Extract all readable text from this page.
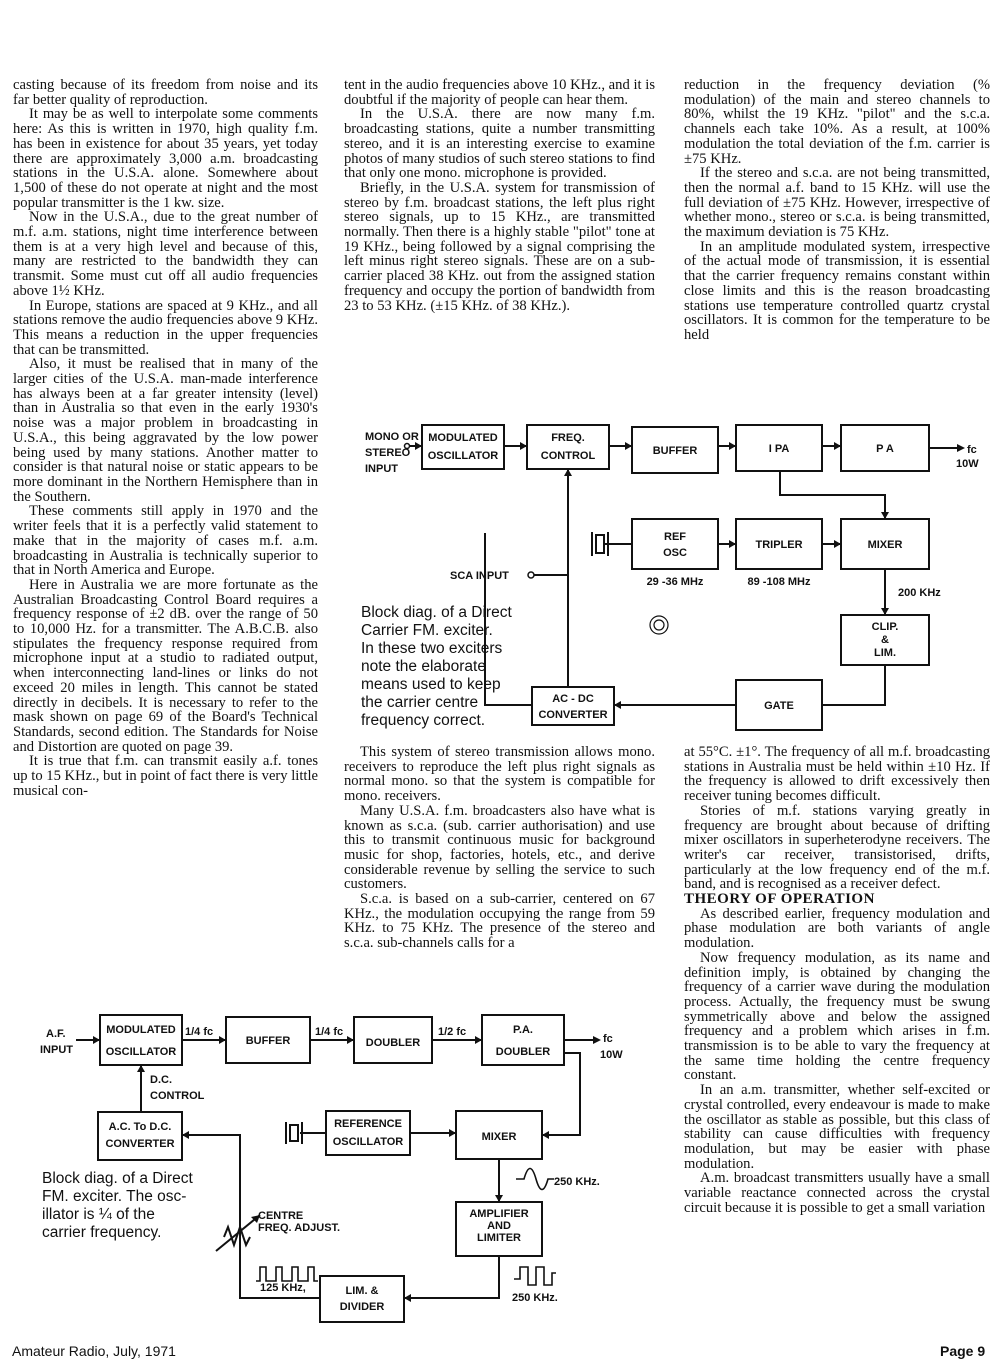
casting because of its freedom from noise and its far better quality of reproduction.

It may be as well to interpolate some comments here: As this is written in 1970, high quality f.m. has been in existence for about 35 years, yet today there are approximately 3,000 a.m. broadcasting stations in the U.S.A. alone. Somewhere about 1,500 of these do not operate at night and the most popular transmitter is the 1 kw. size.

Now in the U.S.A., due to the great number of m.f. a.m. stations, night time interference between them is at a very high level and because of this, many are restricted to the bandwidth they can transmit. Some must cut off all audio frequencies above 1½ KHz.

In Europe, stations are spaced at 9 KHz., and all stations remove the audio frequencies above 9 KHz. This means a reduction in the upper frequencies that can be transmitted.

Also, it must be realised that in many of the larger cities of the U.S.A. man-made interference has always been at a far greater intensity (level) than in Australia so that even in the early 1930's noise was a major problem in broadcasting in U.S.A., this being aggravated by the low power being used by many stations. Another matter to consider is that natural noise or static appears to be more dominant in the Northern Hemisphere than in the Southern.

These comments still apply in 1970 and the writer feels that it is a perfectly valid statement to make that in the majority of cases m.f. a.m. broadcasting in Australia is technically superior to that in North America and Europe.

Here in Australia we are more fortunate as the Australian Broadcasting Control Board requires a frequency response of ±2 dB. over the range of 50 to 10,000 Hz. for a transmitter. The A.B.C.B. also stipulates the frequency response required from microphone input at a studio to radiated output, when interconnecting land-lines or links do not exceed 20 miles in length. This cannot be stated directly in decibels. It is necessary to refer to the mask shown on page 69 of the Board's Technical Standards, second edition. The Standards for Noise and Distortion are quoted on page 39.

It is true that f.m. can transmit easily a.f. tones up to 15 KHz., but in point of fact there is very little musical con-

tent in the audio frequencies above 10 KHz., and it is doubtful if the majority of people can hear them.

In the U.S.A. there are now many f.m. broadcasting stations, quite a number transmitting stereo, and it is an interesting exercise to examine photos of many studios of such stereo stations to find that only one mono. microphone is provided.

Briefly, in the U.S.A. system for transmission of stereo by f.m. broadcast stations, the left plus right stereo signals, up to 15 KHz., are transmitted normally. Then there is a highly stable "pilot" tone at 19 KHz., being followed by a signal comprising the left minus right stereo signals. These are on a sub-carrier placed 38 KHz. out from the assigned station frequency and occupy the portion of bandwidth from 23 to 53 KHz. (±15 KHz. of 38 KHz.).

reduction in the frequency deviation (% modulation) of the main and stereo channels to 80%, whilst the 19 KHz. "pilot" and the s.c.a. channels each take 10%. As a result, at 100% modulation the total deviation of the f.m. carrier is ±75 KHz.

If the stereo and s.c.a. are not being transmitted, then the normal a.f. band to 15 KHz. will use the full deviation of ±75 KHz. However, irrespective of whether mono., stereo or s.c.a. is being transmitted, the maximum deviation is 75 KHz.

In an amplitude modulated system, irrespective of the actual mode of transmission, it is essential that the carrier frequency remains constant within close limits and this is the reason broadcasting stations use temperature controlled quartz crystal oscillators. It is common for the temperature to be held

MODULATED
OSCILLATOR
FREQ.
CONTROL	BUFFER	I PA	P A
REF
OSC
TRIPLER	MIXER
CLIP.
&
LIM.
GATE
AC - DC
CONVERTER
29 -36 MHz	89 -108 MHz
MONO OR
STEREO
INPUT
SCA INPUT
200 KHz
fc
10W
Block diag. of a Direct
Carrier FM. exciter.
In these two exciters
note the elaborate
means used to keep
the carrier centre
frequency correct.

This system of stereo transmission allows mono. receivers to reproduce the left plus right signals as normal mono. so that the system is compatible for mono. receivers.

Many U.S.A. f.m. broadcasters also have what is known as s.c.a. (sub. carrier authorisation) and use this to transmit continuous music for background music for shop, factories, hotels, etc., and derive considerable revenue by selling the service to such customers.

S.c.a. is based on a sub-carrier, centered on 67 KHz., the modulation occupying the range from 59 KHz. to 75 KHz. The presence of the stereo and s.c.a. sub-channels calls for a

at 55°C. ±1°. The frequency of all m.f. broadcasting stations in Australia must be held within ±10 Hz. If the frequency is allowed to drift excessively then receiver tuning becomes difficult.

Stories of m.f. stations varying greatly in frequency are brought about because of drifting mixer oscillators in superheterodyne receivers. The writer's car receiver, transistorised, drifts, particularly at the low frequency end of the m.f. band, and is recognised as a receiver defect.

THEORY OF OPERATION

As described earlier, frequency modulation and phase modulation are both variants of angle modulation.

Now frequency modulation, as its name and definition imply, is obtained by changing the frequency of a carrier wave during the modulation process. Actually, the frequency must be swung symmetrically above and below the assigned frequency and a problem which arises in f.m. transmission is to be able to vary the frequency at the same time holding the centre frequency constant.

In an a.m. transmitter, whether self-excited or crystal controlled, every endeavour is made to make the oscillator as stable as possible, but this class of stability can cause difficulties with frequency modulation, but may be easier with phase modulation.

A.m. broadcast transmitters usually have a small variable reactance connected across the crystal circuit because it is possible to get a small variation

MODULATED
OSCILLATOR
BUFFER	DOUBLER
P.A.
DOUBLER
A.C. To D.C.
CONVERTER
REFERENCE
OSCILLATOR	MIXER
AMPLIFIER
AND
LIMITER
LIM. &
DIVIDER
A.F.
INPUT
1/4 fc	1/4 fc	1/2 fc
fc
10W
D.C.
CONTROL
250 KHz.
CENTRE
FREQ. ADJUST.
125 KHz,
250 KHz.
Block diag. of a Direct
FM. exciter. The osc-
illator is ¼ of the
carrier frequency.
Amateur Radio, July, 1971	Page 9
